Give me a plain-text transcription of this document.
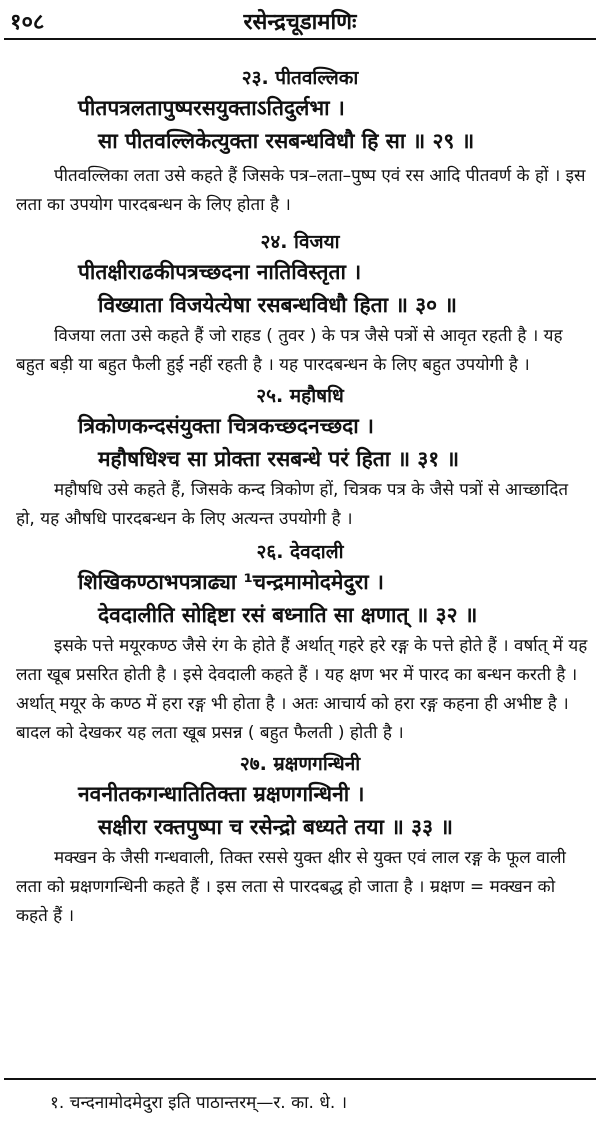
१०८	रसेन्द्रचूडामणिः
२३. पीतवल्लिका
पीतपत्रलतापुष्परसयुक्ताऽतिदुर्लभा ।
सा पीतवल्लिकेत्युक्ता रसबन्धविधौ हि सा ॥ २९ ॥
पीतवल्लिका लता उसे कहते हैं जिसके पत्र–लता–पुष्प एवं रस आदि पीतवर्ण के हों । इस लता का उपयोग पारदबन्धन के लिए होता है ।
२४. विजया
पीतक्षीराढकीपत्रच्छदना नातिविस्तृता ।
विख्याता विजयेत्येषा रसबन्धविधौ हिता ॥ ३० ॥
विजया लता उसे कहते हैं जो राहड ( तुवर ) के पत्र जैसे पत्रों से आवृत रहती है । यह बहुत बड़ी या बहुत फैली हुई नहीं रहती है । यह पारदबन्धन के लिए बहुत उपयोगी है ।
२५. महौषधि
त्रिकोणकन्दसंयुक्ता चित्रकच्छदनच्छदा ।
महौषधिश्च सा प्रोक्ता रसबन्धे परं हिता ॥ ३१ ॥
महौषधि उसे कहते हैं, जिसके कन्द त्रिकोण हों, चित्रक पत्र के जैसे पत्रों से आच्छादित हो, यह औषधि पारदबन्धन के लिए अत्यन्त उपयोगी है ।
२६. देवदाली
शिखिकण्ठाभपत्राढ्या ¹चन्द्रमामोदमेदुरा ।
देवदालीति सोद्दिष्टा रसं बध्नाति सा क्षणात् ॥ ३२ ॥
इसके पत्ते मयूरकण्ठ जैसे रंग के होते हैं अर्थात् गहरे हरे रङ्ग के पत्ते होते हैं । वर्षात् में यह लता खूब प्रसरित होती है । इसे देवदाली कहते हैं । यह क्षण भर में पारद का बन्धन करती है । अर्थात् मयूर के कण्ठ में हरा रङ्ग भी होता है । अतः आचार्य को हरा रङ्ग कहना ही अभीष्ट है । बादल को देखकर यह लता खूब प्रसन्न ( बहुत फैलती ) होती है ।
२७. म्रक्षणगन्धिनी
नवनीतकगन्धातितिक्ता म्रक्षणगन्धिनी ।
सक्षीरा रक्तपुष्पा च रसेन्द्रो बध्यते तया ॥ ३३ ॥
मक्खन के जैसी गन्धवाली, तिक्त रससे युक्त क्षीर से युक्त एवं लाल रङ्ग के फूल वाली लता को म्रक्षणगन्धिनी कहते हैं । इस लता से पारदबद्ध हो जाता है । म्रक्षण = मक्खन को कहते हैं ।
१. चन्दनामोदमेदुरा इति पाठान्तरम्—र. का. धे. ।
